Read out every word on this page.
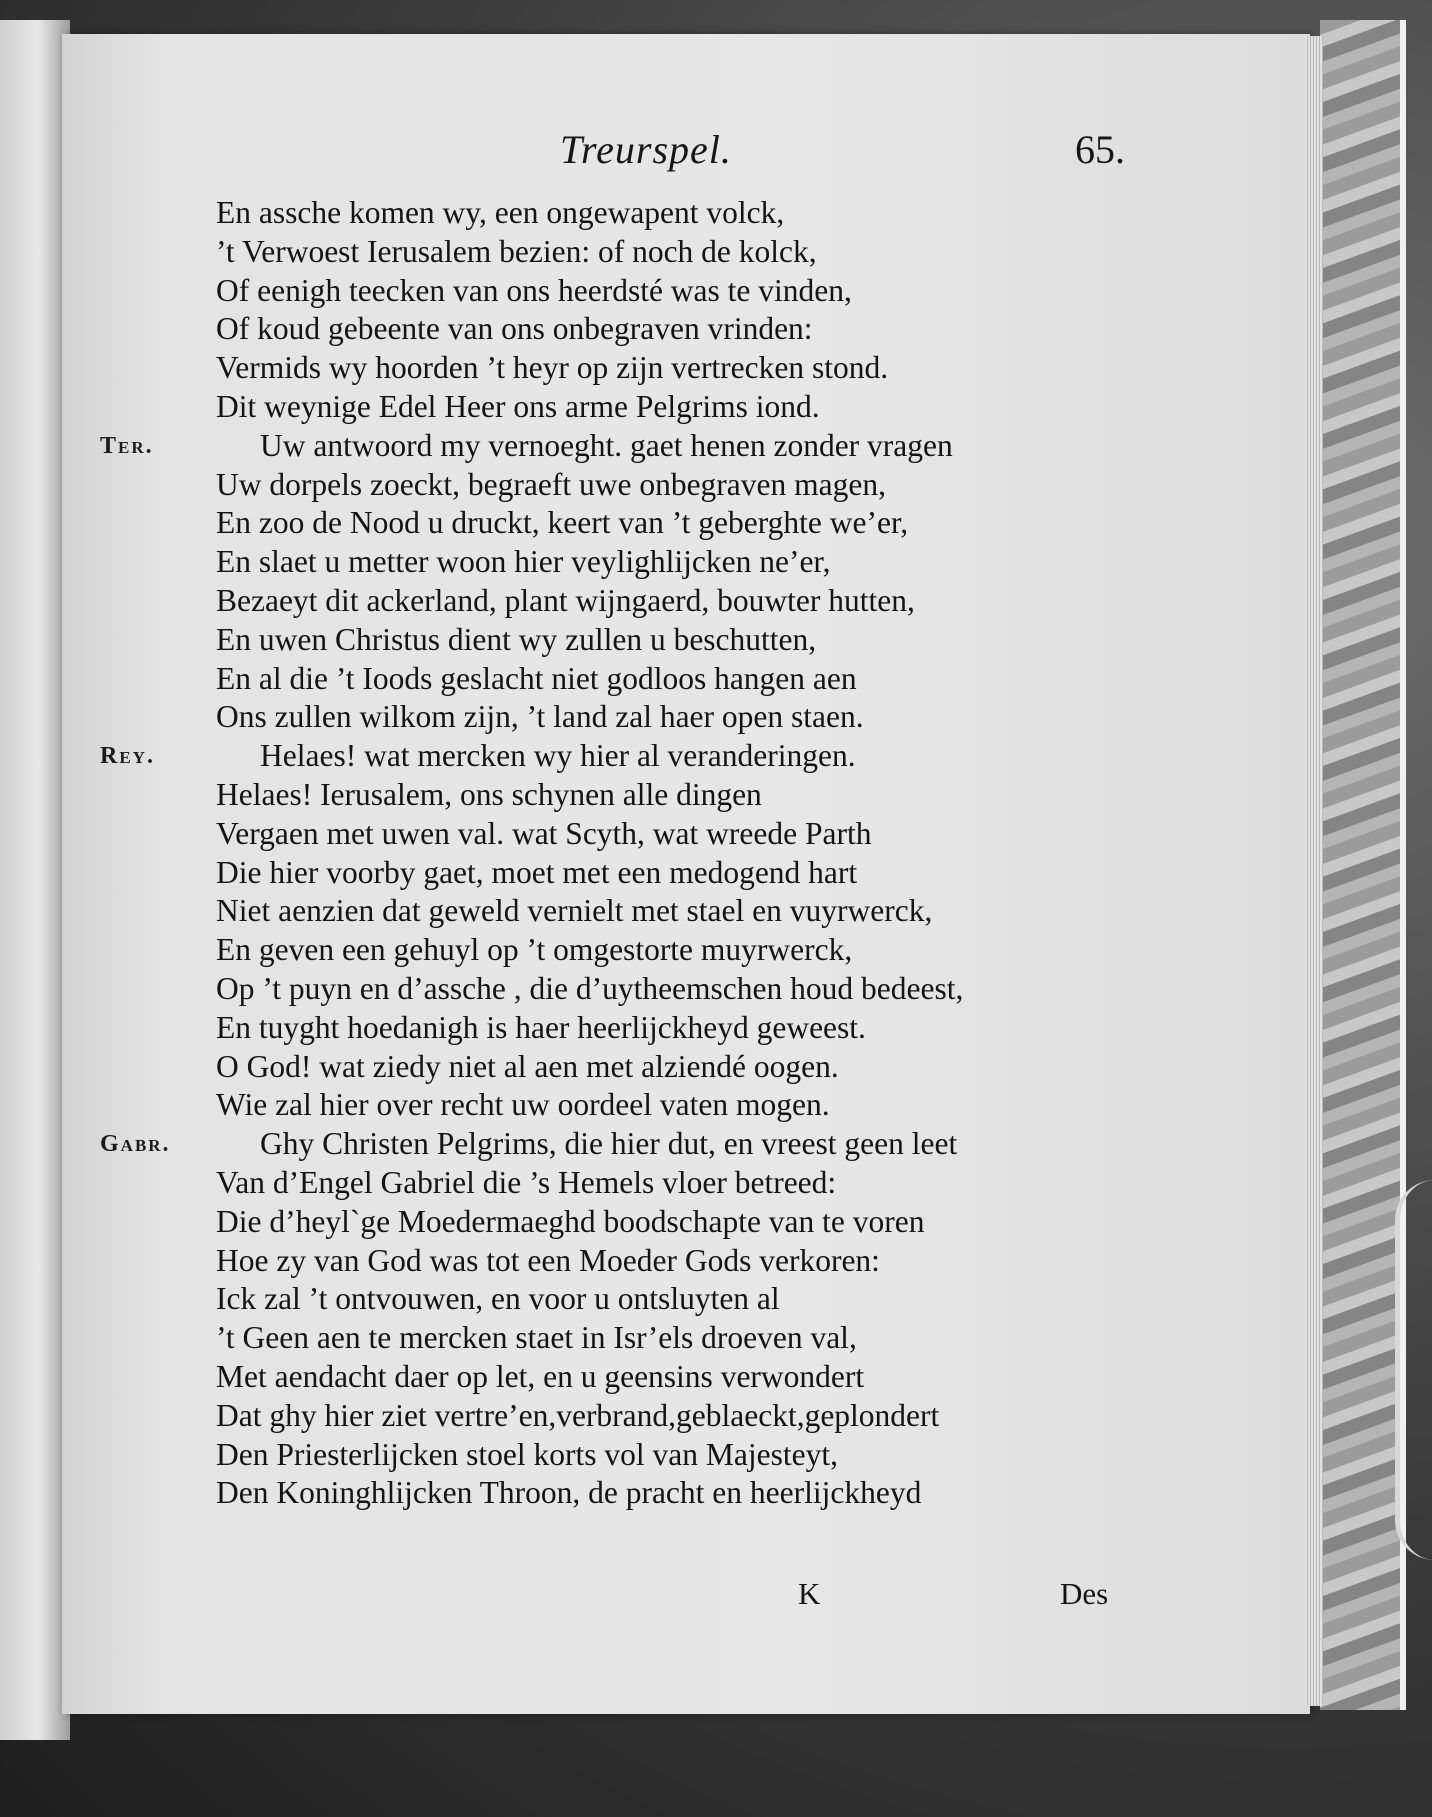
Treurspel.	65.
En assche komen wy, een ongewapent volck,
’t Verwoest Ierusalem bezien: of noch de kolck,
Of eenigh teecken van ons heerdsté was te vinden,
Of koud gebeente van ons onbegraven vrinden:
Vermids wy hoorden ’t heyr op zijn vertrecken stond.
Dit weynige Edel Heer ons arme Pelgrims iond.
Ter.	Uw antwoord my vernoeght. gaet henen zonder vragen
Uw dorpels zoeckt, begraeft uwe onbegraven magen,
En zoo de Nood u druckt, keert van ’t geberghte we’er,
En slaet u metter woon hier veylighlijcken ne’er,
Bezaeyt dit ackerland, plant wijngaerd, bouwter hutten,
En uwen Christus dient wy zullen u beschutten,
En al die ’t Ioods geslacht niet godloos hangen aen
Ons zullen wilkom zijn, ’t land zal haer open staen.
Rey.	Helaes! wat mercken wy hier al veranderingen.
Helaes! Ierusalem, ons schynen alle dingen
Vergaen met uwen val. wat Scyth, wat wreede Parth
Die hier voorby gaet, moet met een medogend hart
Niet aenzien dat geweld vernielt met stael en vuyrwerck,
En geven een gehuyl op ’t omgestorte muyrwerck,
Op ’t puyn en d’assche , die d’uytheemschen houd bedeest,
En tuyght hoedanigh is haer heerlijckheyd geweest.
O God! wat ziedy niet al aen met alziendé oogen.
Wie zal hier over recht uw oordeel vaten mogen.
Gabr.	Ghy Christen Pelgrims, die hier dut, en vreest geen leet
Van d’Engel Gabriel die ’s Hemels vloer betreed:
Die d’heyl`ge Moedermaeghd boodschapte van te voren
Hoe zy van God was tot een Moeder Gods verkoren:
Ick zal ’t ontvouwen, en voor u ontsluyten al
’t Geen aen te mercken staet in Isr’els droeven val,
Met aendacht daer op let, en u geensins verwondert
Dat ghy hier ziet vertre’en,verbrand,geblaeckt,geplondert
Den Priesterlijcken stoel korts vol van Majesteyt,
Den Koninghlijcken Throon, de pracht en heerlijckheyd
K	Des
